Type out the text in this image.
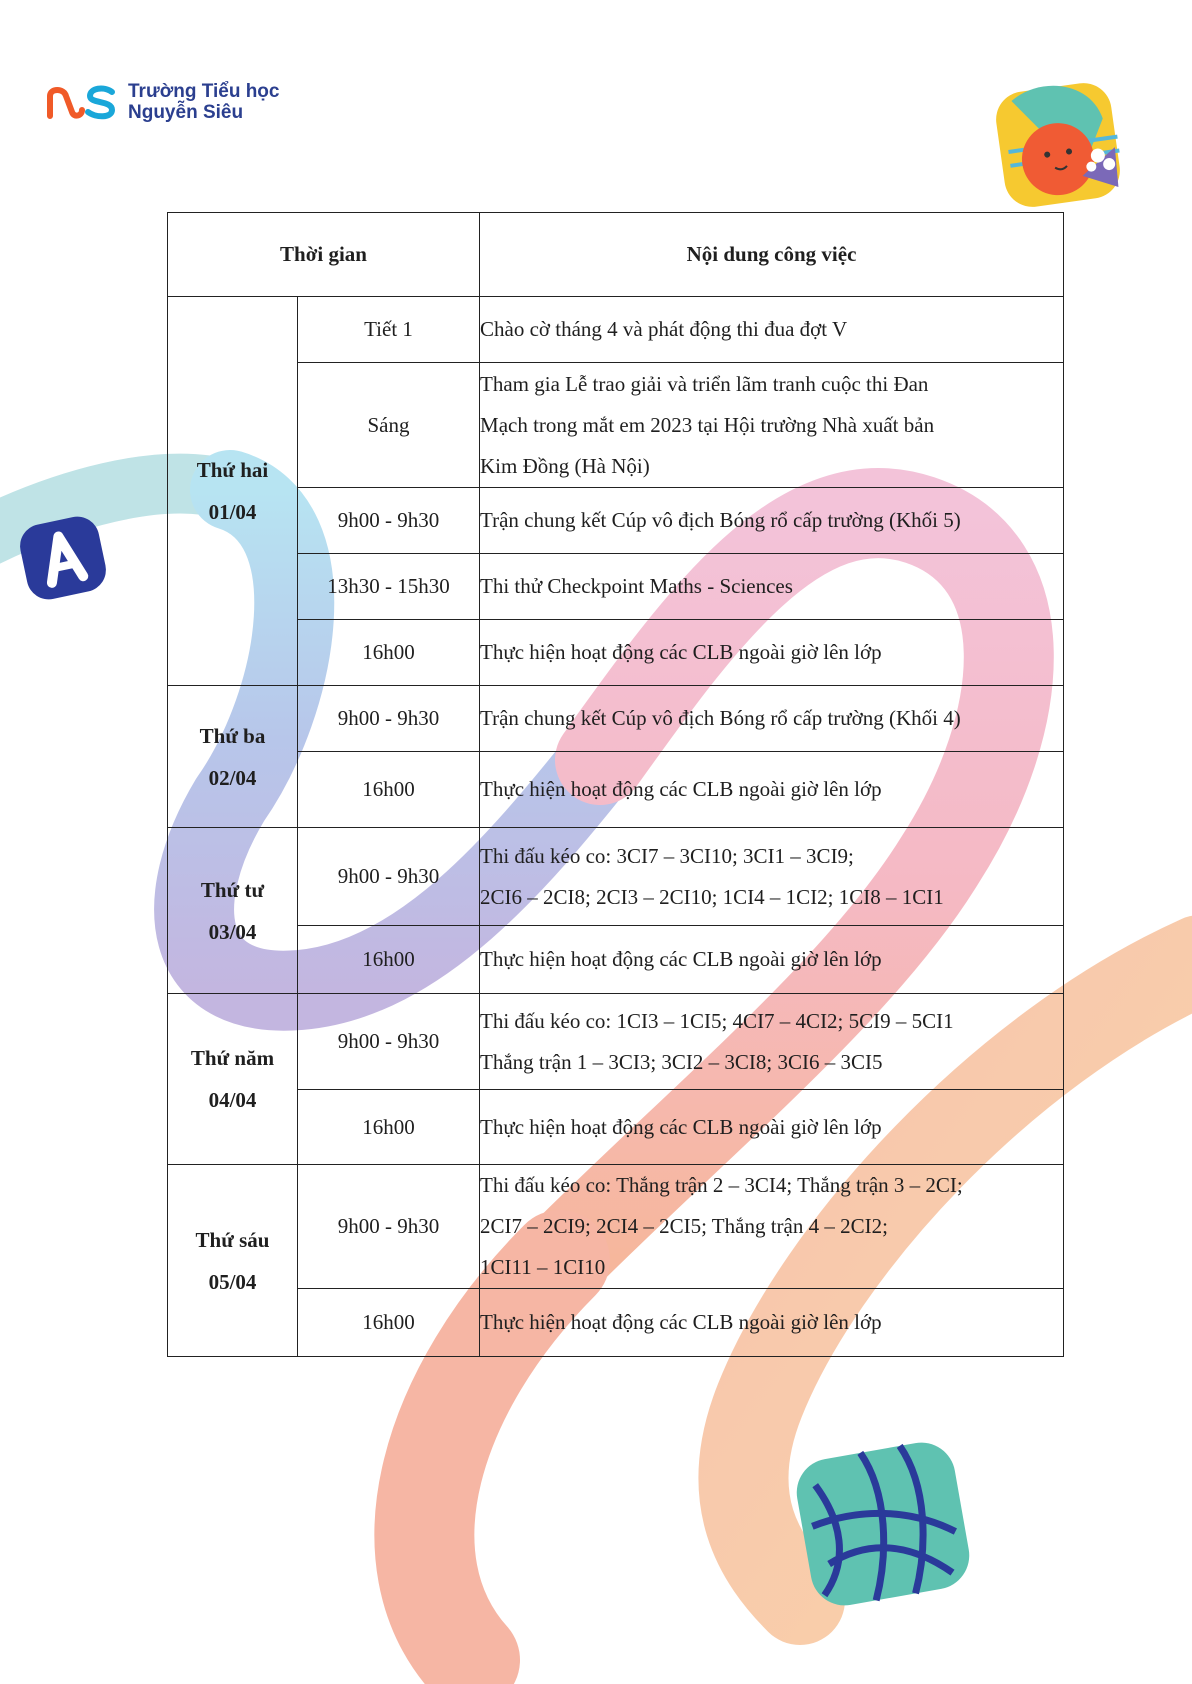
Trường Tiểu học
Nguyễn Siêu
Thời gian		Nội dung công việc

Thứ hai
01/04	Tiết 1	Chào cờ tháng 4 và phát động thi đua đợt V

	Sáng	Tham gia Lễ trao giải và triển lãm tranh cuộc thi Đan
Mạch trong mắt em 2023 tại Hội trường Nhà xuất bản
Kim Đồng (Hà Nội)

	9h00 - 9h30	Trận chung kết Cúp vô địch Bóng rổ cấp trường (Khối 5)

	13h30 - 15h30	Thi thử Checkpoint Maths - Sciences

	16h00	Thực hiện hoạt động các CLB ngoài giờ lên lớp

Thứ ba
02/04	9h00 - 9h30	Trận chung kết Cúp vô địch Bóng rổ cấp trường (Khối 4)

	16h00	Thực hiện hoạt động các CLB ngoài giờ lên lớp

Thứ tư
03/04	9h00 - 9h30	Thi đấu kéo co: 3CI7 – 3CI10; 3CI1 – 3CI9;
2CI6 – 2CI8; 2CI3 – 2CI10; 1CI4 – 1CI2; 1CI8 – 1CI1

	16h00	Thực hiện hoạt động các CLB ngoài giờ lên lớp

Thứ năm
04/04	9h00 - 9h30	Thi đấu kéo co: 1CI3 – 1CI5; 4CI7 – 4CI2; 5CI9 – 5CI1
Thắng trận 1 – 3CI3; 3CI2 – 3CI8; 3CI6 – 3CI5

	16h00	Thực hiện hoạt động các CLB ngoài giờ lên lớp

Thứ sáu
05/04	9h00 - 9h30	Thi đấu kéo co: Thắng trận 2 – 3CI4; Thắng trận 3 – 2CI;
2CI7 – 2CI9; 2CI4 – 2CI5; Thắng trận 4 – 2CI2;
1CI11 – 1CI10

	16h00	Thực hiện hoạt động các CLB ngoài giờ lên lớp
